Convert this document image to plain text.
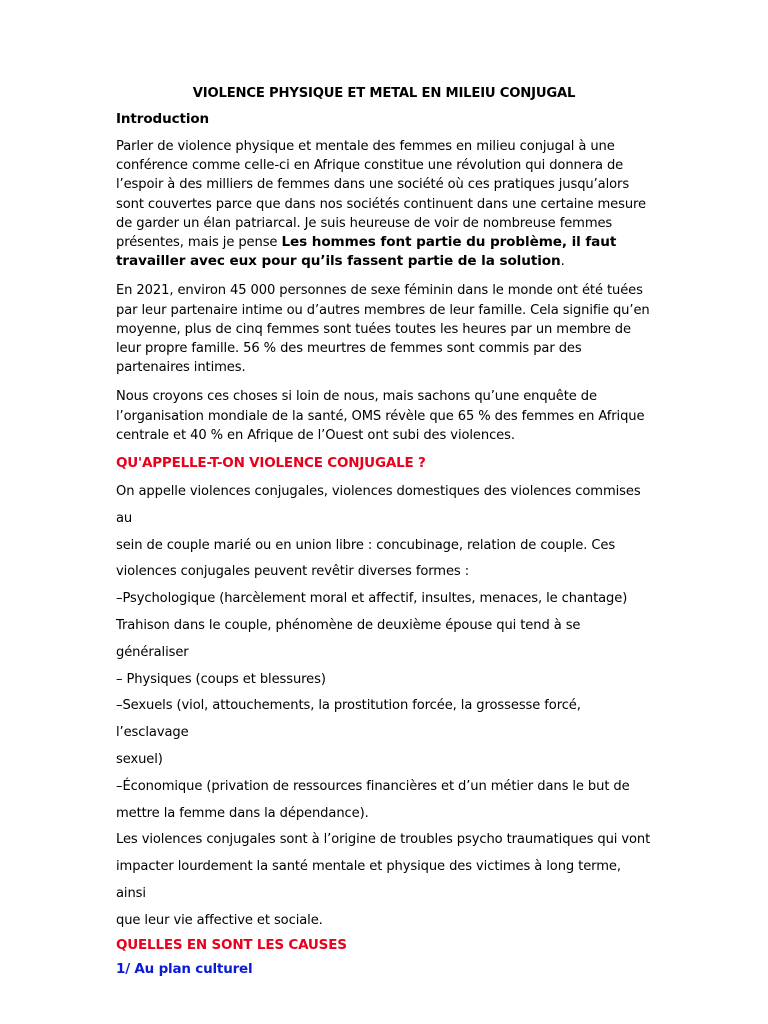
VIOLENCE PHYSIQUE ET METAL EN MILEIU CONJUGAL
Introduction

Parler de violence physique et mentale des femmes en milieu conjugal à une conférence comme celle-ci en Afrique constitue une révolution qui donnera de l’espoir à des milliers de femmes dans une société où ces pratiques jusqu’alors sont couvertes parce que dans nos sociétés continuent dans une certaine mesure de garder un élan patriarcal. Je suis heureuse de voir de nombreuse femmes présentes, mais je pense Les hommes font partie du problème, il faut travailler avec eux pour qu’ils fassent partie de la solution.

En 2021, environ 45 000 personnes de sexe féminin dans le monde ont été tuées par leur partenaire intime ou d’autres membres de leur famille. Cela signifie qu’en moyenne, plus de cinq femmes sont tuées toutes les heures par un membre de leur propre famille. 56 % des meurtres de femmes sont commis par des partenaires intimes.

Nous croyons ces choses si loin de nous, mais sachons qu’une enquête de l’organisation mondiale de la santé, OMS révèle que 65 % des femmes en Afrique centrale et 40 % en Afrique de l’Ouest ont subi des violences.

QU'APPELLE-T-ON VIOLENCE CONJUGALE ?
On appelle violences conjugales, violences domestiques des violences commises au
sein de couple marié ou en union libre : concubinage, relation de couple. Ces
violences conjugales peuvent revêtir diverses formes :
–Psychologique (harcèlement moral et affectif, insultes, menaces, le chantage)
Trahison dans le couple, phénomène de deuxième épouse qui tend à se généraliser
– Physiques (coups et blessures)
–Sexuels (viol, attouchements, la prostitution forcée, la grossesse forcé, l’esclavage
sexuel)
–Économique (privation de ressources financières et d’un métier dans le but de
mettre la femme dans la dépendance).
Les violences conjugales sont à l’origine de troubles psycho traumatiques qui vont
impacter lourdement la santé mentale et physique des victimes à long terme, ainsi
que leur vie affective et sociale.
QUELLES EN SONT LES CAUSES
1/ Au plan culturel
